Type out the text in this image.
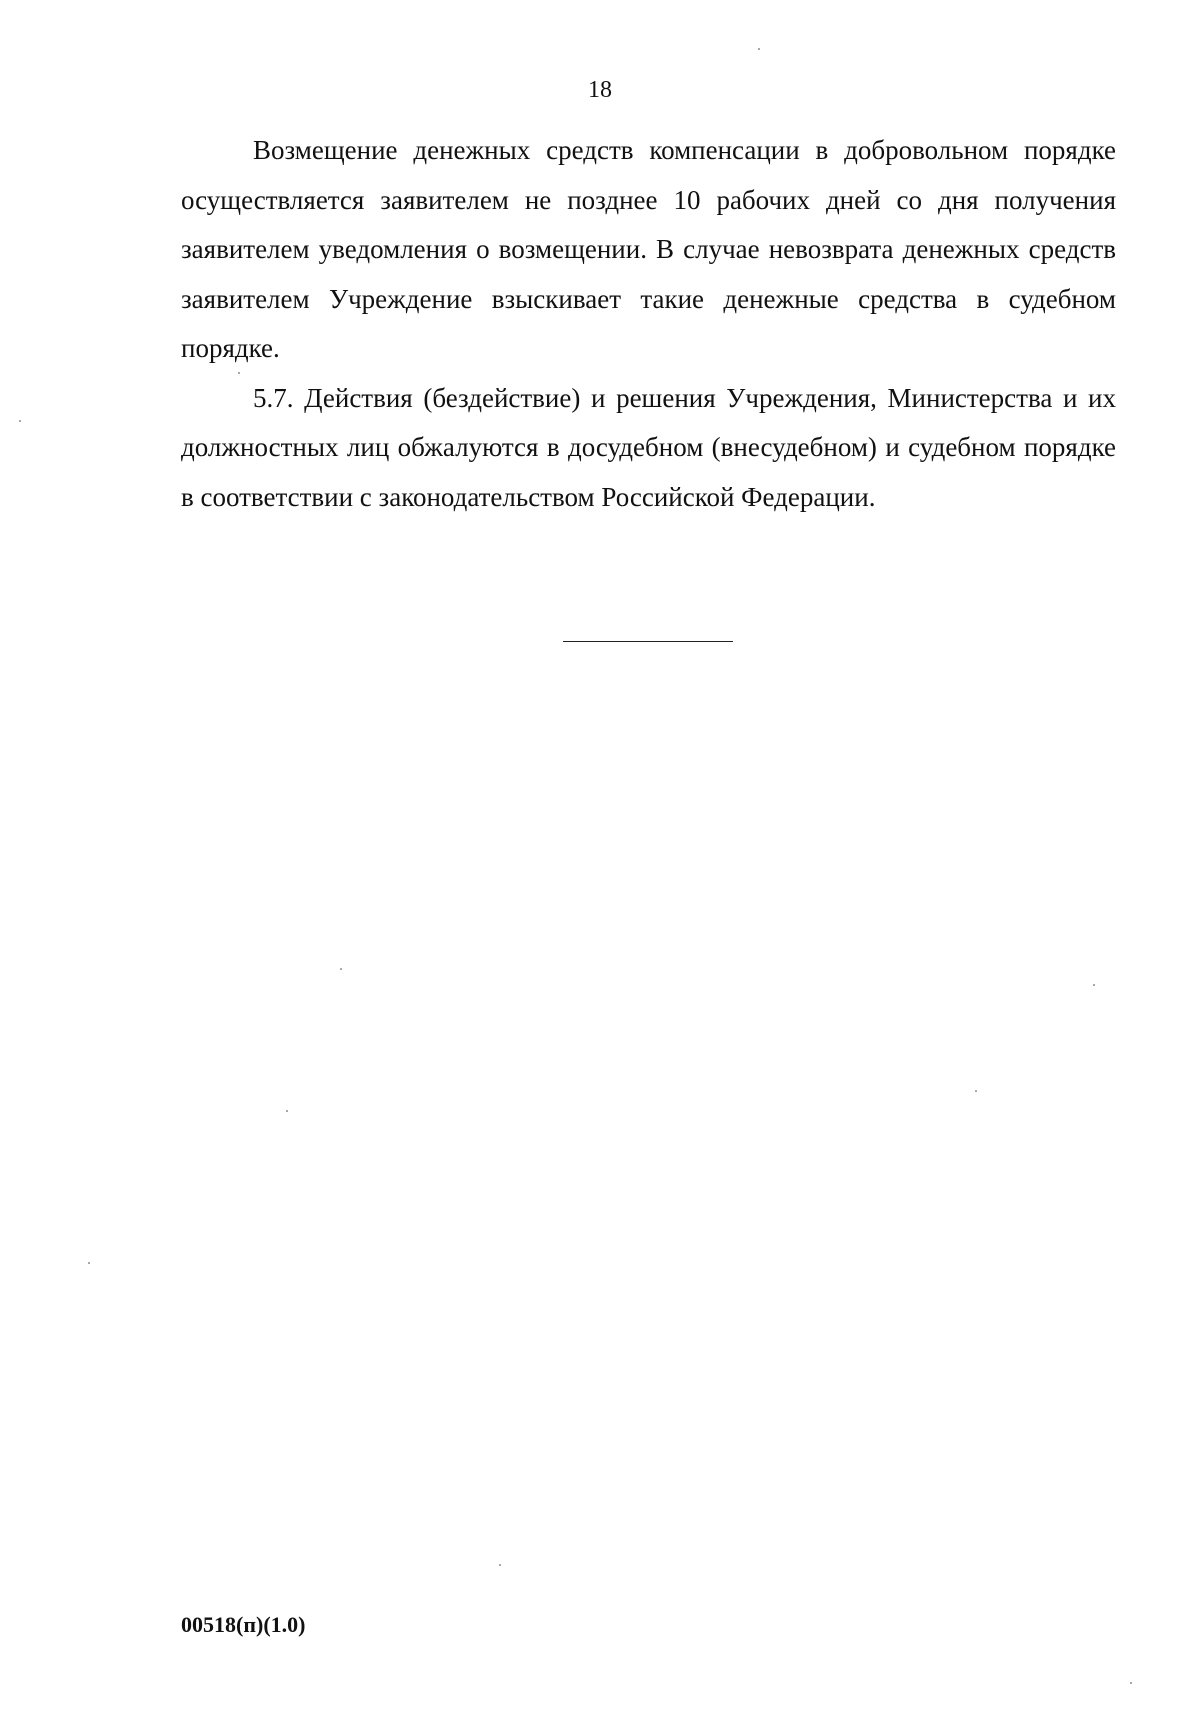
18

Возмещение денежных средств компенсации в добровольном порядке осуществляется заявителем не позднее 10 рабочих дней со дня получения заявителем уведомления о возмещении. В случае невозврата денежных средств заявителем Учреждение взыскивает такие денежные средства в судебном порядке.

5.7. Действия (бездействие) и решения Учреждения, Министерства и их должностных лиц обжалуются в досудебном (внесудебном) и судебном порядке в соответствии с законодательством Российской Федерации.

00518(п)(1.0)
